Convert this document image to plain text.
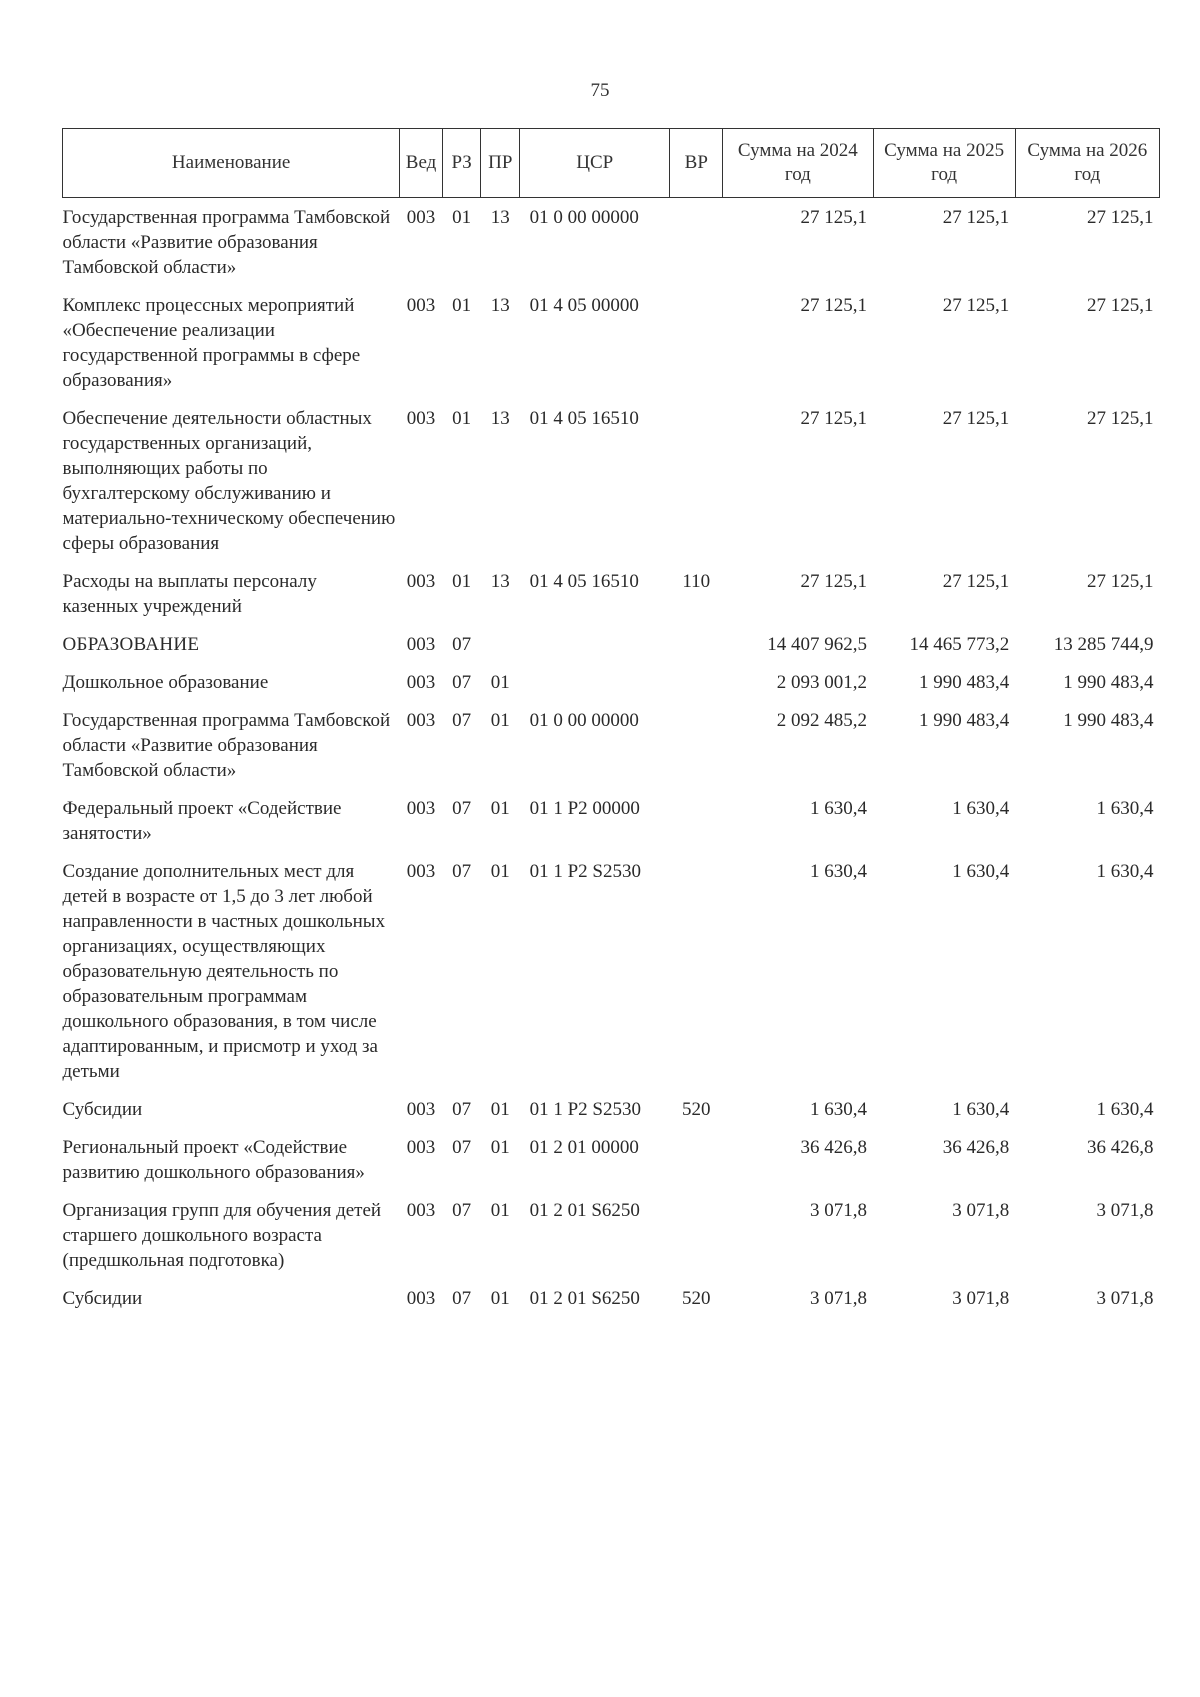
75
Наименование	Вед	РЗ	ПР	ЦСР	ВР	Сумма на 2024 год	Сумма на 2025 год	Сумма на 2026 год
Государственная программа Тамбовской области «Развитие образования Тамбовской области»	003	01	13	01 0 00 00000		27 125,1	27 125,1	27 125,1
Комплекс процессных мероприятий «Обеспечение реализации государственной программы в сфере образования»	003	01	13	01 4 05 00000		27 125,1	27 125,1	27 125,1
Обеспечение деятельности областных государственных организаций, выполняющих работы по бухгалтерскому обслуживанию и материально-техническому обеспечению сферы образования	003	01	13	01 4 05 16510		27 125,1	27 125,1	27 125,1
Расходы на выплаты персоналу казенных учреждений	003	01	13	01 4 05 16510	110	27 125,1	27 125,1	27 125,1
ОБРАЗОВАНИЕ	003	07				14 407 962,5	14 465 773,2	13 285 744,9
Дошкольное образование	003	07	01			2 093 001,2	1 990 483,4	1 990 483,4
Государственная программа Тамбовской области «Развитие образования Тамбовской области»	003	07	01	01 0 00 00000		2 092 485,2	1 990 483,4	1 990 483,4
Федеральный проект «Содействие занятости»	003	07	01	01 1 P2 00000		1 630,4	1 630,4	1 630,4
Создание дополнительных мест для детей в возрасте от 1,5 до 3 лет любой направленности в частных дошкольных организациях, осуществляющих образовательную деятельность по образовательным программам дошкольного образования, в том числе адаптированным, и присмотр и уход за детьми	003	07	01	01 1 P2 S2530		1 630,4	1 630,4	1 630,4
Субсидии	003	07	01	01 1 P2 S2530	520	1 630,4	1 630,4	1 630,4
Региональный проект «Содействие развитию дошкольного образования»	003	07	01	01 2 01 00000		36 426,8	36 426,8	36 426,8
Организация групп для обучения детей старшего дошкольного возраста (предшкольная подготовка)	003	07	01	01 2 01 S6250		3 071,8	3 071,8	3 071,8
Субсидии	003	07	01	01 2 01 S6250	520	3 071,8	3 071,8	3 071,8
